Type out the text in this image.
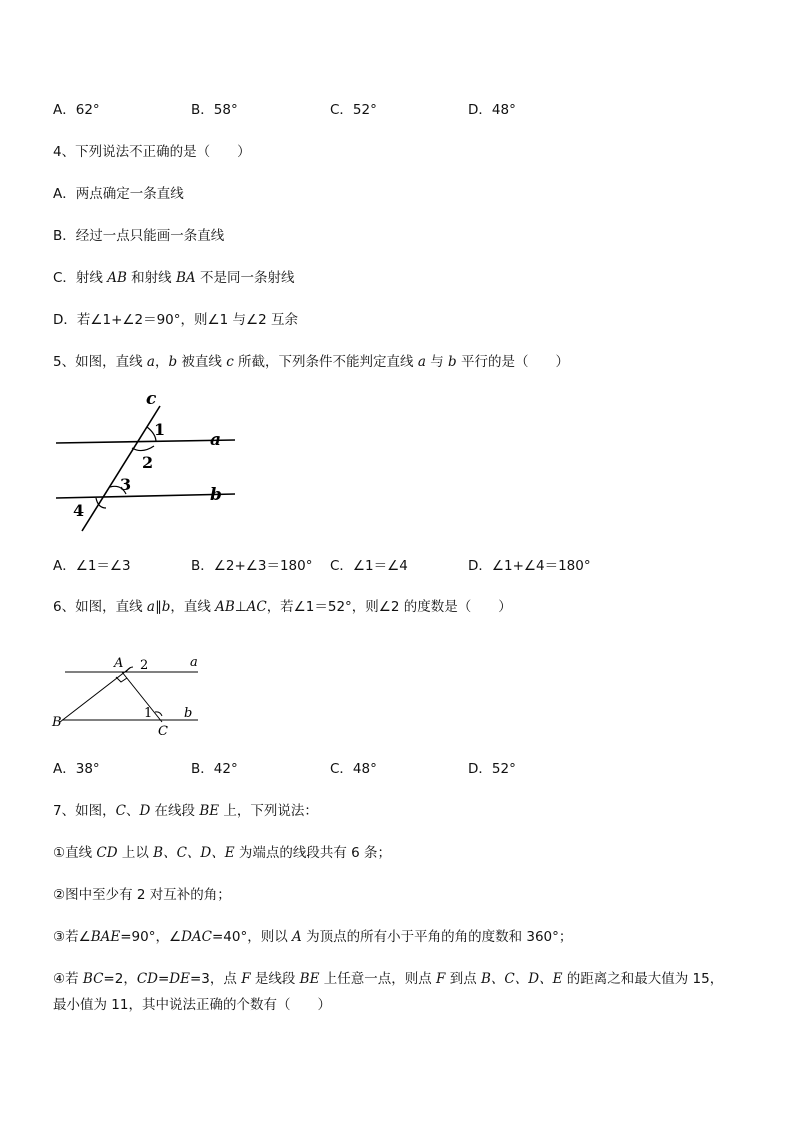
A．62°	B．58°	C．52°	D．48°
4、下列说法不正确的是（　　）
A．两点确定一条直线
B．经过一点只能画一条直线
C．射线 AB 和射线 BA 不是同一条射线
D．若∠1+∠2＝90°，则∠1 与∠2 互余
5、如图，直线 a，b 被直线 c 所截，下列条件不能判定直线 a 与 b 平行的是（　　）
c
a
b
1
2
3
4
A．∠1＝∠3	B．∠2+∠3＝180° C．∠1＝∠4	D．∠1+∠4＝180°
6、如图，直线 a∥b，直线 AB⊥AC，若∠1＝52°，则∠2 的度数是（　　）
A 2	a
B
1 b
C
A．38°	B．42°	C．48°	D．52°
7、如图，C、D 在线段 BE 上，下列说法：
①直线 CD 上以 B、C、D、E 为端点的线段共有 6 条；
②图中至少有 2 对互补的角；
③若∠BAE=90°，∠DAC=40°，则以 A 为顶点的所有小于平角的角的度数和 360°；
④若 BC=2，CD=DE=3，点 F 是线段 BE 上任意一点，则点 F 到点 B、C、D、E 的距离之和最大值为 15，
最小值为 11，其中说法正确的个数有（　　）
